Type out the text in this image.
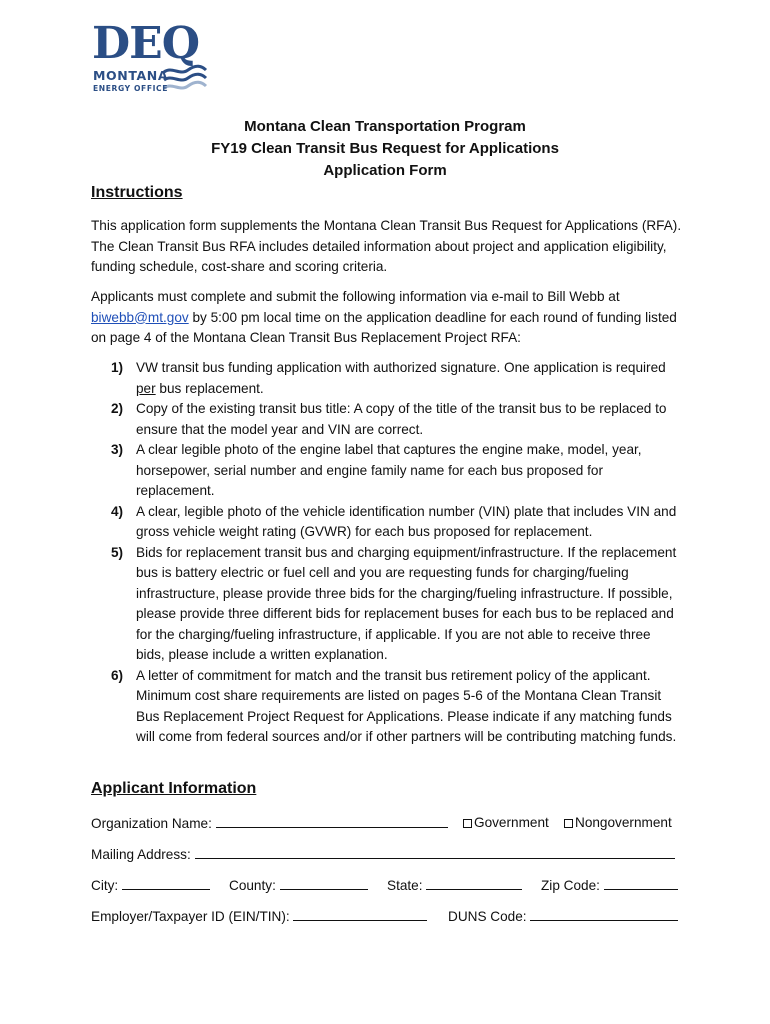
DEQ
MONTANA
ENERGY OFFICE
Montana Clean Transportation Program
FY19 Clean Transit Bus Request for Applications
Application Form
Instructions
This application form supplements the Montana Clean Transit Bus Request for Applications (RFA). The Clean Transit Bus RFA includes detailed information about project and application eligibility, funding schedule, cost-share and scoring criteria.
Applicants must complete and submit the following information via e-mail to Bill Webb at biwebb@mt.gov by 5:00 pm local time on the application deadline for each round of funding listed on page 4 of the Montana Clean Transit Bus Replacement Project RFA:
1) VW transit bus funding application with authorized signature. One application is required per bus replacement.
2) Copy of the existing transit bus title: A copy of the title of the transit bus to be replaced to ensure that the model year and VIN are correct.
3) A clear legible photo of the engine label that captures the engine make, model, year, horsepower, serial number and engine family name for each bus proposed for replacement.
4) A clear, legible photo of the vehicle identification number (VIN) plate that includes VIN and gross vehicle weight rating (GVWR) for each bus proposed for replacement.
5) Bids for replacement transit bus and charging equipment/infrastructure. If the replacement bus is battery electric or fuel cell and you are requesting funds for charging/fueling infrastructure, please provide three bids for the charging/fueling infrastructure. If possible, please provide three different bids for replacement buses for each bus to be replaced and for the charging/fueling infrastructure, if applicable. If you are not able to receive three bids, please include a written explanation.
6) A letter of commitment for match and the transit bus retirement policy of the applicant. Minimum cost share requirements are listed on pages 5-6 of the Montana Clean Transit Bus Replacement Project Request for Applications. Please indicate if any matching funds will come from federal sources and/or if other partners will be contributing matching funds.
Applicant Information
Organization Name:	Government	Nongovernment
Mailing Address:
City:	County:	State:	Zip Code:
Employer/Taxpayer ID (EIN/TIN):	DUNS Code:
